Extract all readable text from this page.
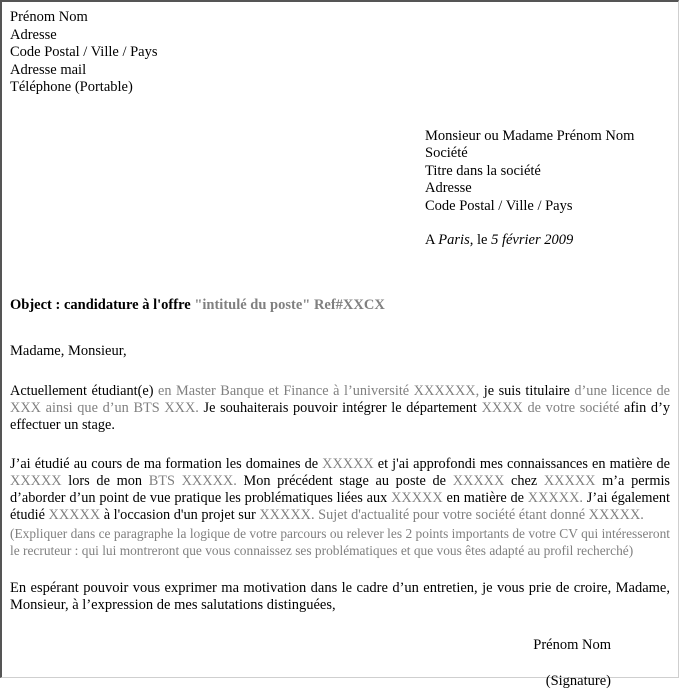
Prénom Nom
Adresse
Code Postal / Ville / Pays
Adresse mail
Téléphone (Portable)
Monsieur ou Madame Prénom Nom
Société
Titre dans la société
Adresse
Code Postal / Ville / Pays
A Paris, le 5 février 2009
Object : candidature à l'offre "intitulé du poste" Ref#XXCX
Madame, Monsieur,
Actuellement étudiant(e) en Master Banque et Finance à l’université XXXXXX, je suis titulaire d’une licence de XXX ainsi que d’un BTS XXX. Je souhaiterais pouvoir intégrer le département XXXX de votre société afin d’y effectuer un stage.
J’ai étudié au cours de ma formation les domaines de XXXXX et j'ai approfondi mes connaissances en matière de XXXXX lors de mon BTS XXXXX. Mon précédent stage au poste de XXXXX chez XXXXX m’a permis d’aborder d’un point de vue pratique les problématiques liées aux XXXXX en matière de XXXXX. J’ai également étudié XXXXX à l'occasion d'un projet sur XXXXX. Sujet d'actualité pour votre société étant donné XXXXX.
(Expliquer dans ce paragraphe la logique de votre parcours ou relever les 2 points importants de votre CV qui intéresseront le recruteur : qui lui montreront que vous connaissez ses problématiques et que vous êtes adapté au profil recherché)
En espérant pouvoir vous exprimer ma motivation dans le cadre d’un entretien, je vous prie de croire, Madame, Monsieur, à l’expression de mes salutations distinguées,
Prénom Nom
(Signature)
